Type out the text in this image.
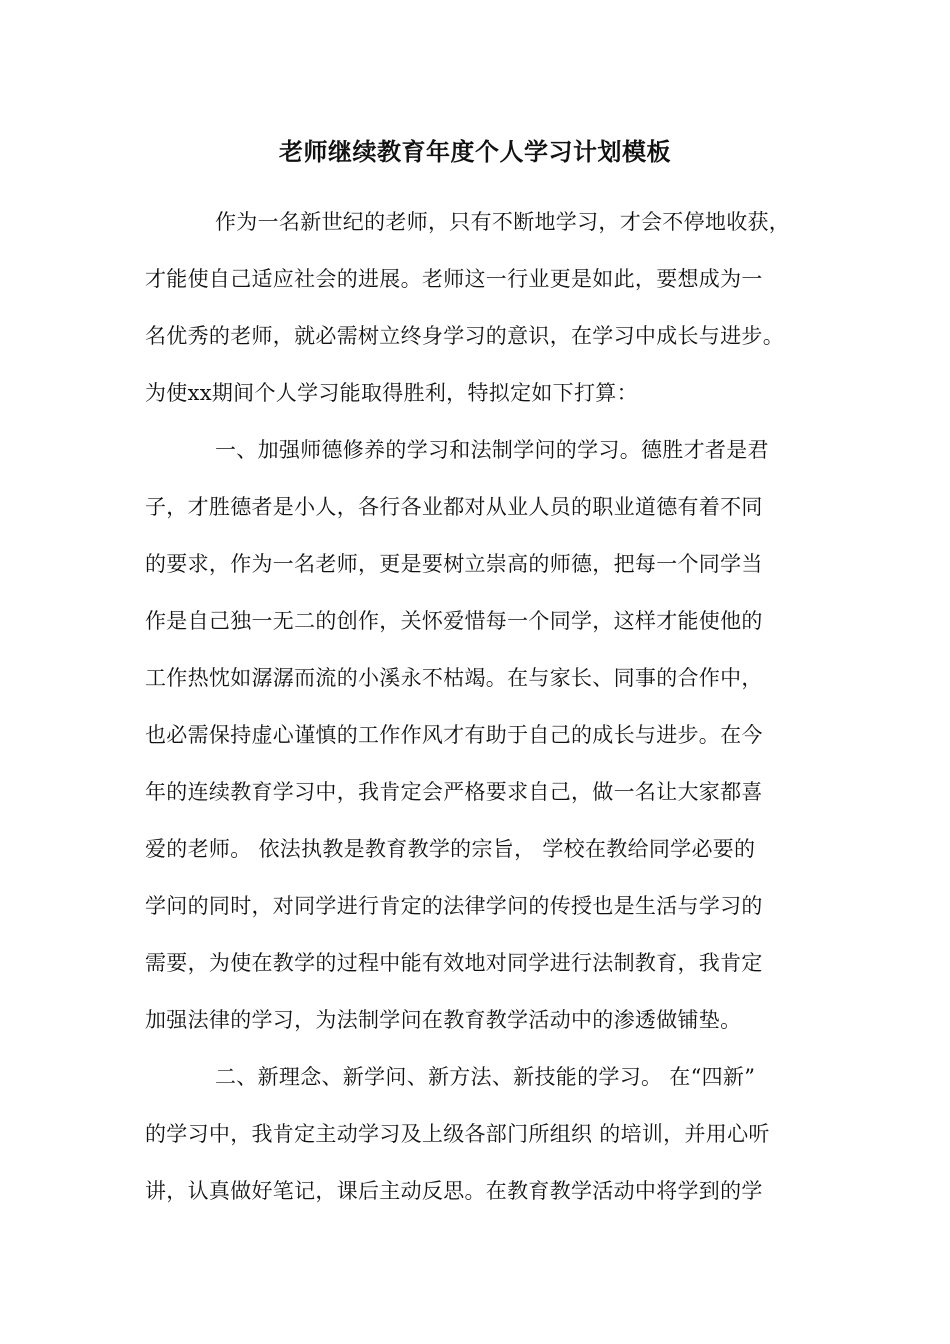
老师继续教育年度个人学习计划模板
作为一名新世纪的老师，只有不断地学习，才会不停地收获，
才能使自己适应社会的进展。老师这一行业更是如此，要想成为一
名优秀的老师，就必需树立终身学习的意识，在学习中成长与进步。
为使xx期间个人学习能取得胜利，特拟定如下打算：
一、加强师德修养的学习和法制学问的学习。德胜才者是君
子，才胜德者是小人，各行各业都对从业人员的职业道德有着不同
的要求，作为一名老师，更是要树立崇高的师德，把每一个同学当
作是自己独一无二的创作，关怀爱惜每一个同学，这样才能使他的
工作热忱如潺潺而流的小溪永不枯竭。在与家长、同事的合作中，
也必需保持虚心谨慎的工作作风才有助于自己的成长与进步。在今
年的连续教育学习中，我肯定会严格要求自己，做一名让大家都喜
爱的老师。 依法执教是教育教学的宗旨， 学校在教给同学必要的
学问的同时，对同学进行肯定的法律学问的传授也是生活与学习的
需要，为使在教学的过程中能有效地对同学进行法制教育，我肯定
加强法律的学习，为法制学问在教育教学活动中的渗透做铺垫。
二、新理念、新学问、新方法、新技能的学习。 在“四新”
的学习中，我肯定主动学习及上级各部门所组织 的培训，并用心听
讲，认真做好笔记，课后主动反思。在教育教学活动中将学到的学
